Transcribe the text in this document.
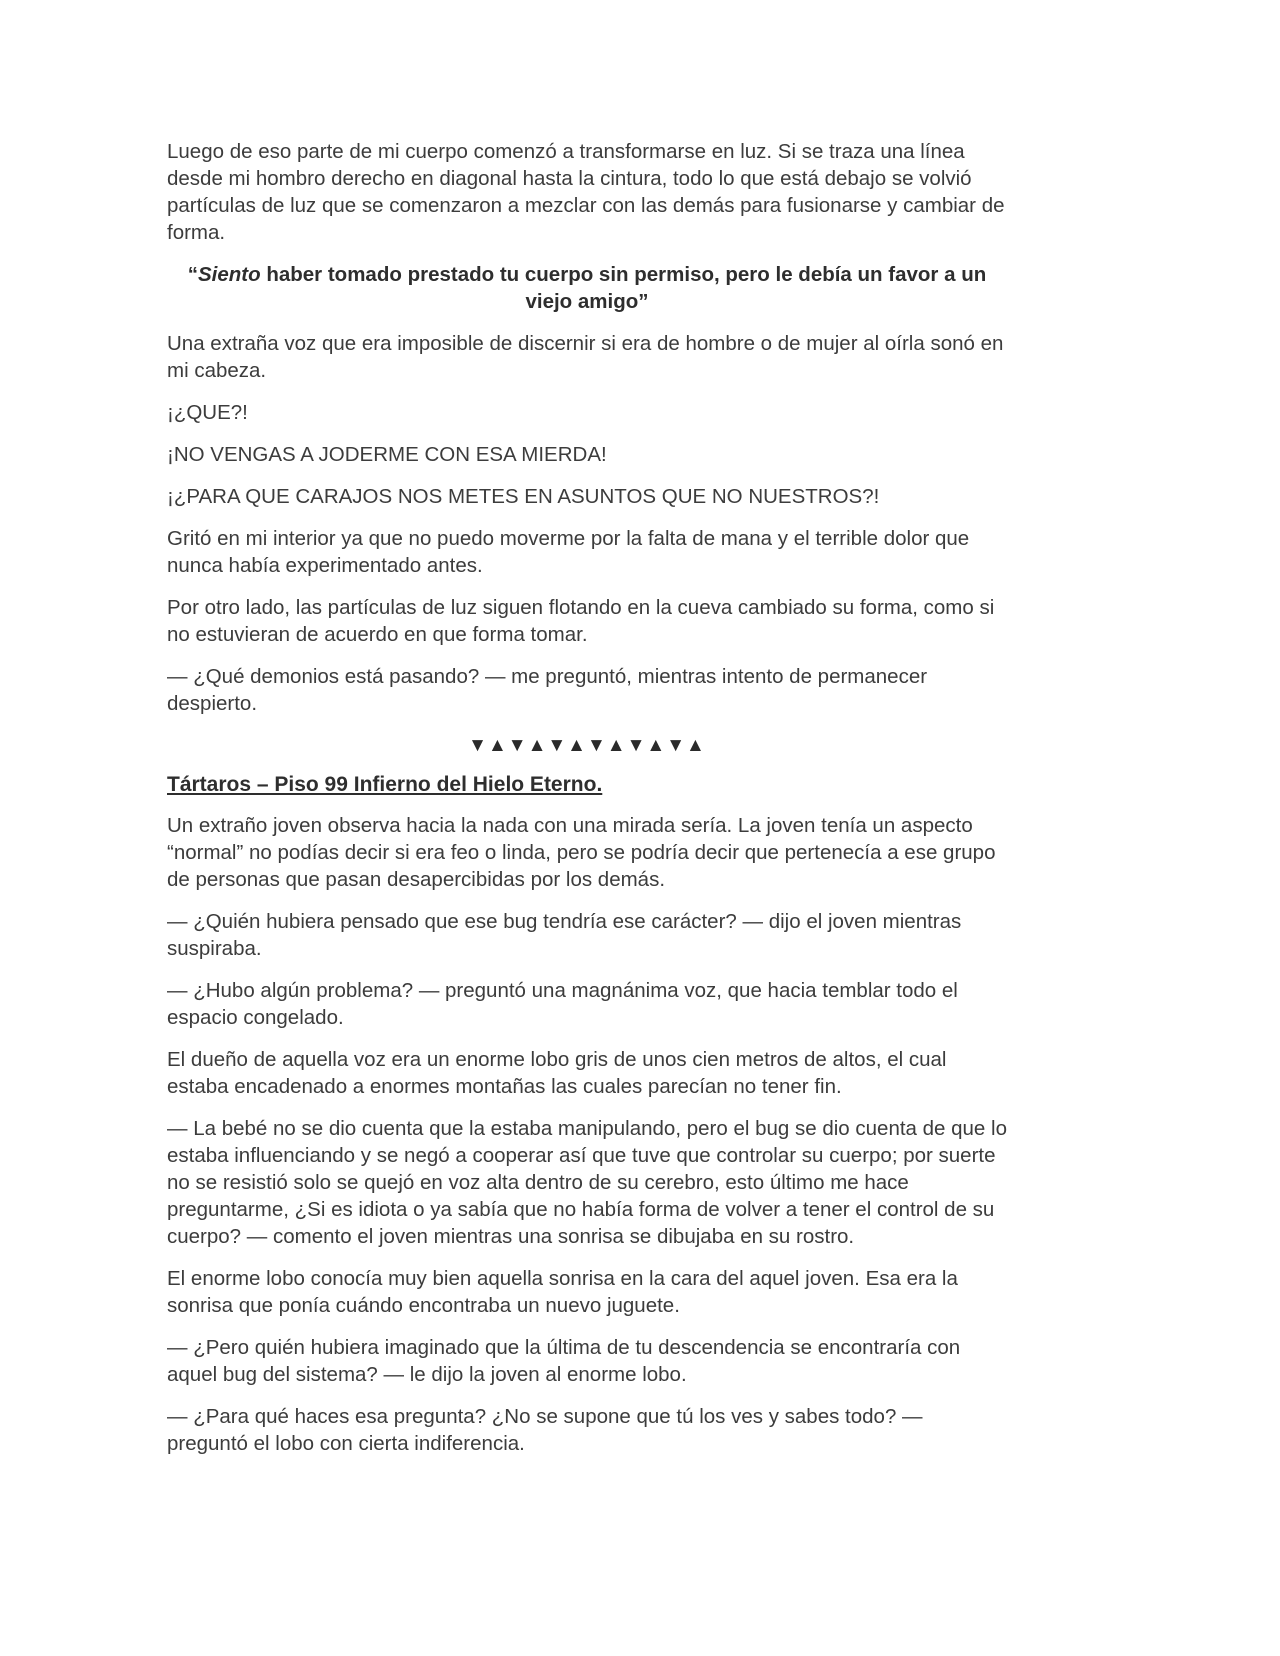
Luego de eso parte de mi cuerpo comenzó a transformarse en luz. Si se traza una línea desde mi hombro derecho en diagonal hasta la cintura, todo lo que está debajo se volvió partículas de luz que se comenzaron a mezclar con las demás para fusionarse y cambiar de forma.

“Siento haber tomado prestado tu cuerpo sin permiso, pero le debía un favor a un viejo amigo”

Una extraña voz que era imposible de discernir si era de hombre o de mujer al oírla sonó en mi cabeza.

¡¿QUE?!

¡NO VENGAS A JODERME CON ESA MIERDA!

¡¿PARA QUE CARAJOS NOS METES EN ASUNTOS QUE NO NUESTROS?!

Gritó en mi interior ya que no puedo moverme por la falta de mana y el terrible dolor que nunca había experimentado antes.

Por otro lado, las partículas de luz siguen flotando en la cueva cambiado su forma, como si no estuvieran de acuerdo en que forma tomar.

— ¿Qué demonios está pasando? — me preguntó, mientras intento de permanecer despierto.

▼▲▼▲▼▲▼▲▼▲▼▲

Tártaros – Piso 99 Infierno del Hielo Eterno.

Un extraño joven observa hacia la nada con una mirada sería. La joven tenía un aspecto “normal” no podías decir si era feo o linda, pero se podría decir que pertenecía a ese grupo de personas que pasan desapercibidas por los demás.

— ¿Quién hubiera pensado que ese bug tendría ese carácter? — dijo el joven mientras suspiraba.

— ¿Hubo algún problema? — preguntó una magnánima voz, que hacia temblar todo el espacio congelado.

El dueño de aquella voz era un enorme lobo gris de unos cien metros de altos, el cual estaba encadenado a enormes montañas las cuales parecían no tener fin.

— La bebé no se dio cuenta que la estaba manipulando, pero el bug se dio cuenta de que lo estaba influenciando y se negó a cooperar así que tuve que controlar su cuerpo; por suerte no se resistió solo se quejó en voz alta dentro de su cerebro, esto último me hace preguntarme, ¿Si es idiota o ya sabía que no había forma de volver a tener el control de su cuerpo? — comento el joven mientras una sonrisa se dibujaba en su rostro.

El enorme lobo conocía muy bien aquella sonrisa en la cara del aquel joven. Esa era la sonrisa que ponía cuándo encontraba un nuevo juguete.

— ¿Pero quién hubiera imaginado que la última de tu descendencia se encontraría con aquel bug del sistema? — le dijo la joven al enorme lobo.

— ¿Para qué haces esa pregunta? ¿No se supone que tú los ves y sabes todo? — preguntó el lobo con cierta indiferencia.
